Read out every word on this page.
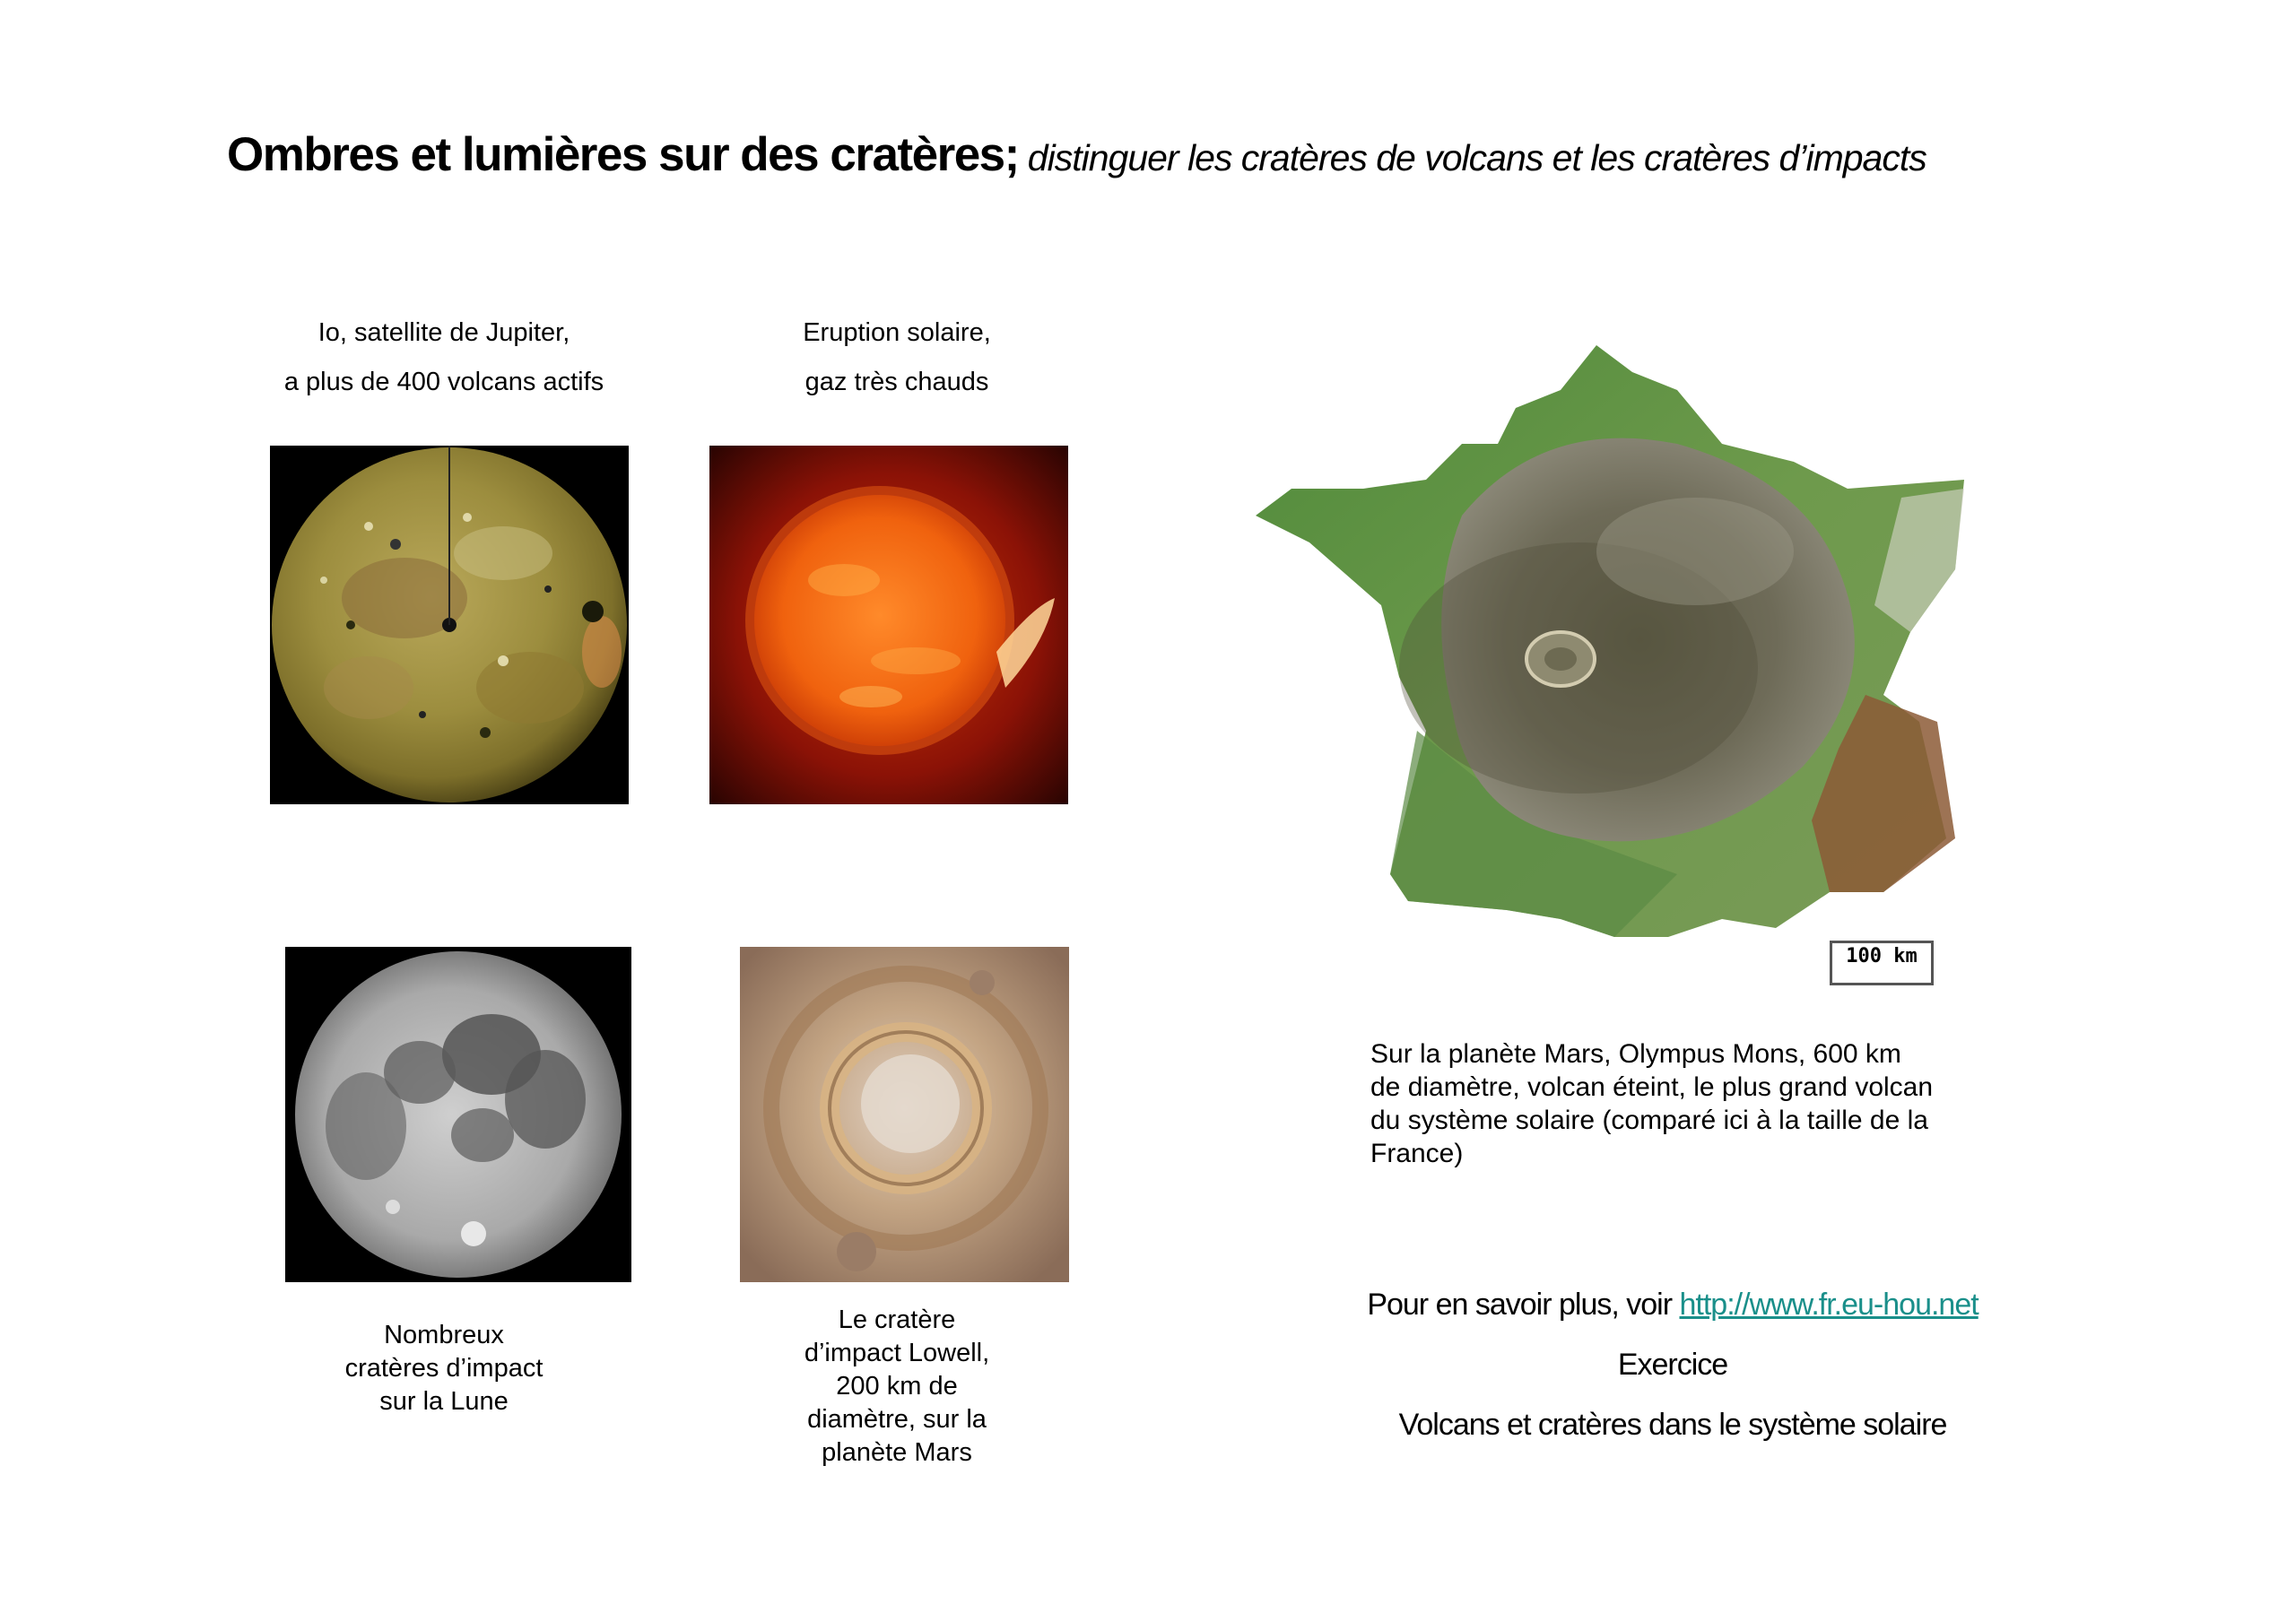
Ombres et lumières sur des cratères; distinguer les cratères de volcans et les cratères d’impacts
Io, satellite de Jupiter,
a plus de 400 volcans actifs
Eruption solaire,
gaz très chauds
Nombreux
cratères d’impact
sur la Lune
Le cratère
d’impact Lowell,
200 km de
diamètre, sur la
planète Mars
100 km
Sur la planète Mars, Olympus Mons, 600 km
de diamètre, volcan éteint, le plus grand volcan
du système solaire (comparé ici à la taille de la
France)
Pour en savoir plus, voir http://www.fr.eu-hou.net
Exercice
Volcans et cratères dans le système solaire
